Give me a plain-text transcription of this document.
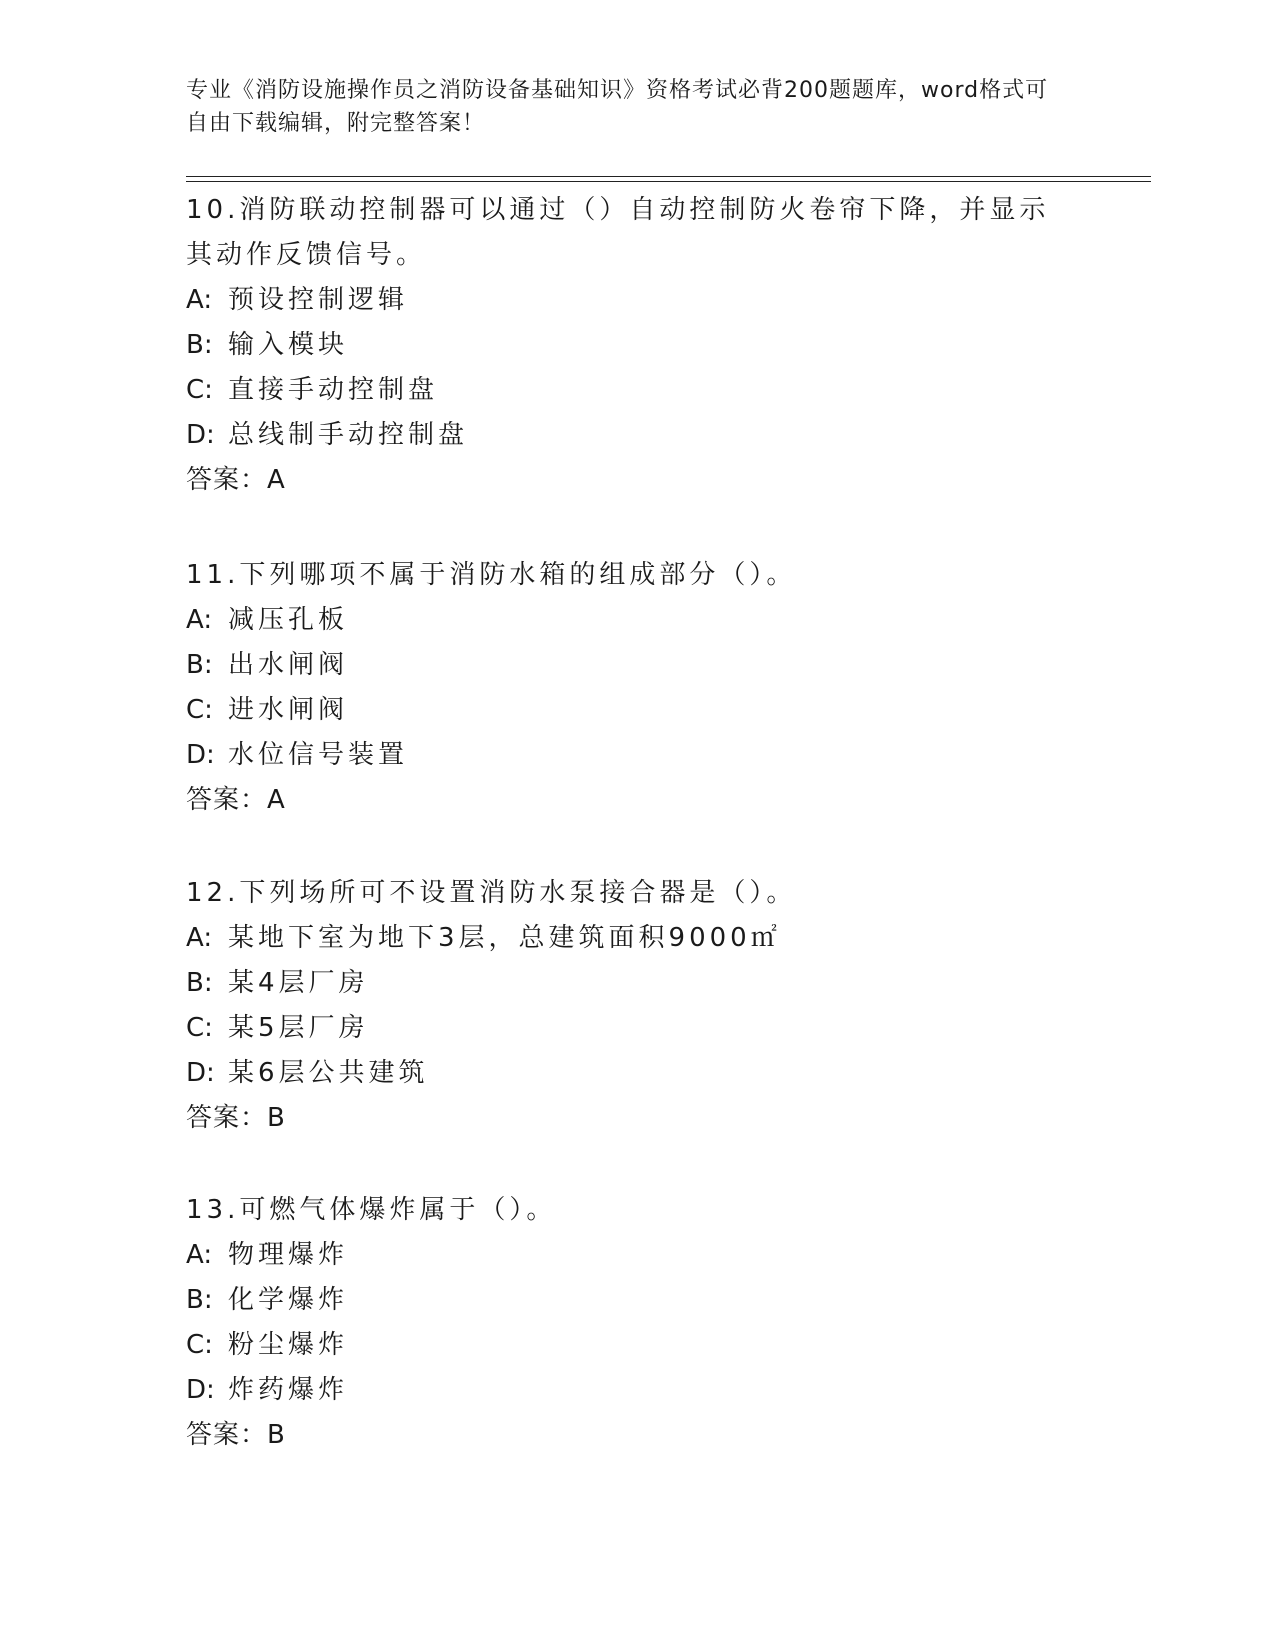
专业《消防设施操作员之消防设备基础知识》资格考试必背200题题库，word格式可自由下载编辑，附完整答案！

10.消防联动控制器可以通过（）自动控制防火卷帘下降，并显示其动作反馈信号。

A: 预设控制逻辑
B: 输入模块
C: 直接手动控制盘
D: 总线制手动控制盘
答案：A

11.下列哪项不属于消防水箱的组成部分（）。

A: 减压孔板
B: 出水闸阀
C: 进水闸阀
D: 水位信号装置
答案：A

12.下列场所可不设置消防水泵接合器是（）。

A: 某地下室为地下3层，总建筑面积9000㎡
B: 某4层厂房
C: 某5层厂房
D: 某6层公共建筑
答案：B

13.可燃气体爆炸属于（）。

A: 物理爆炸
B: 化学爆炸
C: 粉尘爆炸
D: 炸药爆炸
答案：B
